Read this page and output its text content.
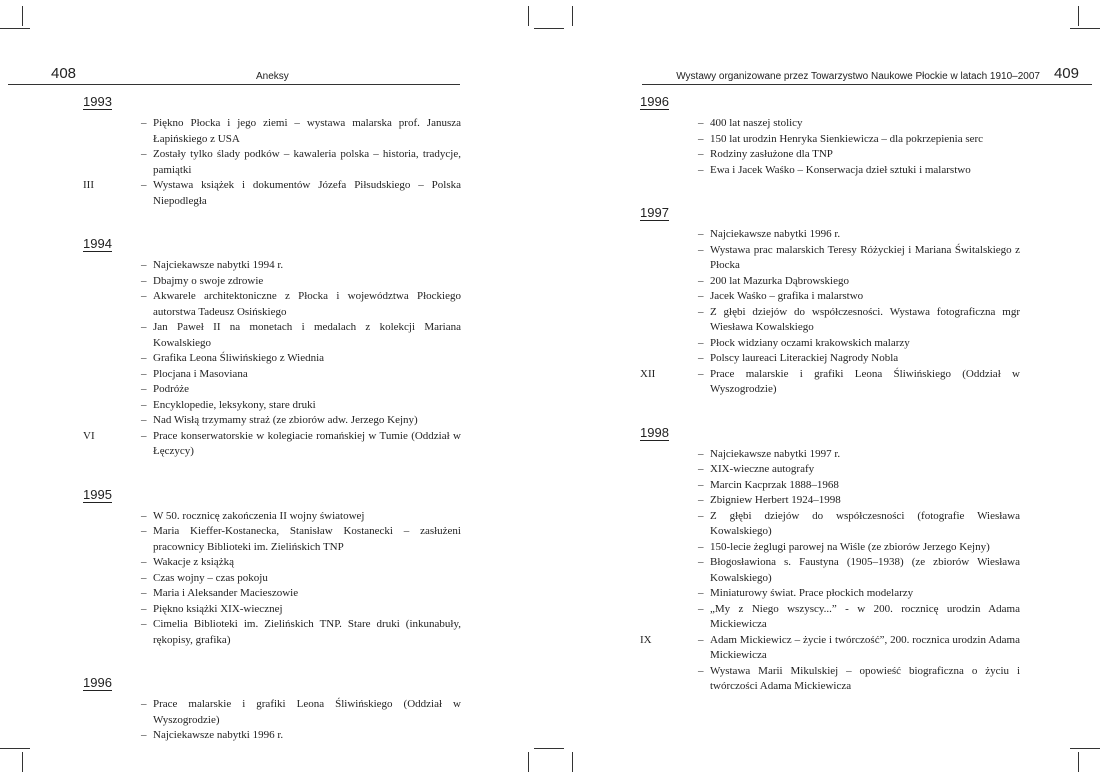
408	Aneksy
1993
– Piękno Płocka i jego ziemi – wystawa malarska prof. Janusza Łapińskiego z USA
– Zostały tylko ślady podków – kawaleria polska – historia, tradycje, pamiątki
III	– Wystawa książek i dokumentów Józefa Piłsudskiego – Polska Niepodległa
1994
– Najciekawsze nabytki 1994 r.
– Dbajmy o swoje zdrowie
– Akwarele architektoniczne z Płocka i województwa Płockiego autorstwa Tadeusz Osińskiego
– Jan Paweł II na monetach i medalach z kolekcji Mariana Kowalskiego
– Grafika Leona Śliwińskiego z Wiednia
– Plocjana i Masoviana
– Podróże
– Encyklopedie, leksykony, stare druki
– Nad Wisłą trzymamy straż (ze zbiorów adw. Jerzego Kejny)
VI	– Prace konserwatorskie w kolegiacie romańskiej w Tumie (Oddział w Łęczycy)
1995
– W 50. rocznicę zakończenia II wojny światowej
– Maria Kieffer-Kostanecka, Stanisław Kostanecki – zasłużeni pracownicy Biblioteki im. Zielińskich TNP
– Wakacje z książką
– Czas wojny – czas pokoju
– Maria i Aleksander Macieszowie
– Piękno książki XIX-wiecznej
– Cimelia Biblioteki im. Zielińskich TNP. Stare druki (inkunabuły, rękopisy, grafika)
1996
– Prace malarskie i grafiki Leona Śliwińskiego (Oddział w Wyszogrodzie)
– Najciekawsze nabytki 1996 r.
Wystawy organizowane przez Towarzystwo Naukowe Płockie w latach 1910–2007 409
1996
– 400 lat naszej stolicy
– 150 lat urodzin Henryka Sienkiewicza – dla pokrzepienia serc
– Rodziny zasłużone dla TNP
– Ewa i Jacek Waśko – Konserwacja dzieł sztuki i malarstwo
1997
– Najciekawsze nabytki 1996 r.
– Wystawa prac malarskich Teresy Różyckiej i Mariana Świtalskiego z Płocka
– 200 lat Mazurka Dąbrowskiego
– Jacek Waśko – grafika i malarstwo
– Z głębi dziejów do współczesności. Wystawa fotograficzna mgr Wiesława Kowalskiego
– Płock widziany oczami krakowskich malarzy
– Polscy laureaci Literackiej Nagrody Nobla
XII	– Prace malarskie i grafiki Leona Śliwińskiego (Oddział w Wyszogrodzie)
1998
– Najciekawsze nabytki 1997 r.
– XIX-wieczne autografy
– Marcin Kacprzak 1888–1968
– Zbigniew Herbert 1924–1998
– Z głębi dziejów do współczesności (fotografie Wiesława Kowalskiego)
– 150-lecie żeglugi parowej na Wiśle (ze zbiorów Jerzego Kejny)
– Błogosławiona s. Faustyna (1905–1938) (ze zbiorów Wiesława Kowalskiego)
– Miniaturowy świat. Prace płockich modelarzy
– „My z Niego wszyscy...” - w 200. rocznicę urodzin Adama Mickiewicza
IX	– Adam Mickiewicz – życie i twórczość”, 200. rocznica urodzin Adama Mickiewicza
– Wystawa Marii Mikulskiej – opowieść biograficzna o życiu i twórczości Adama Mickiewicza
